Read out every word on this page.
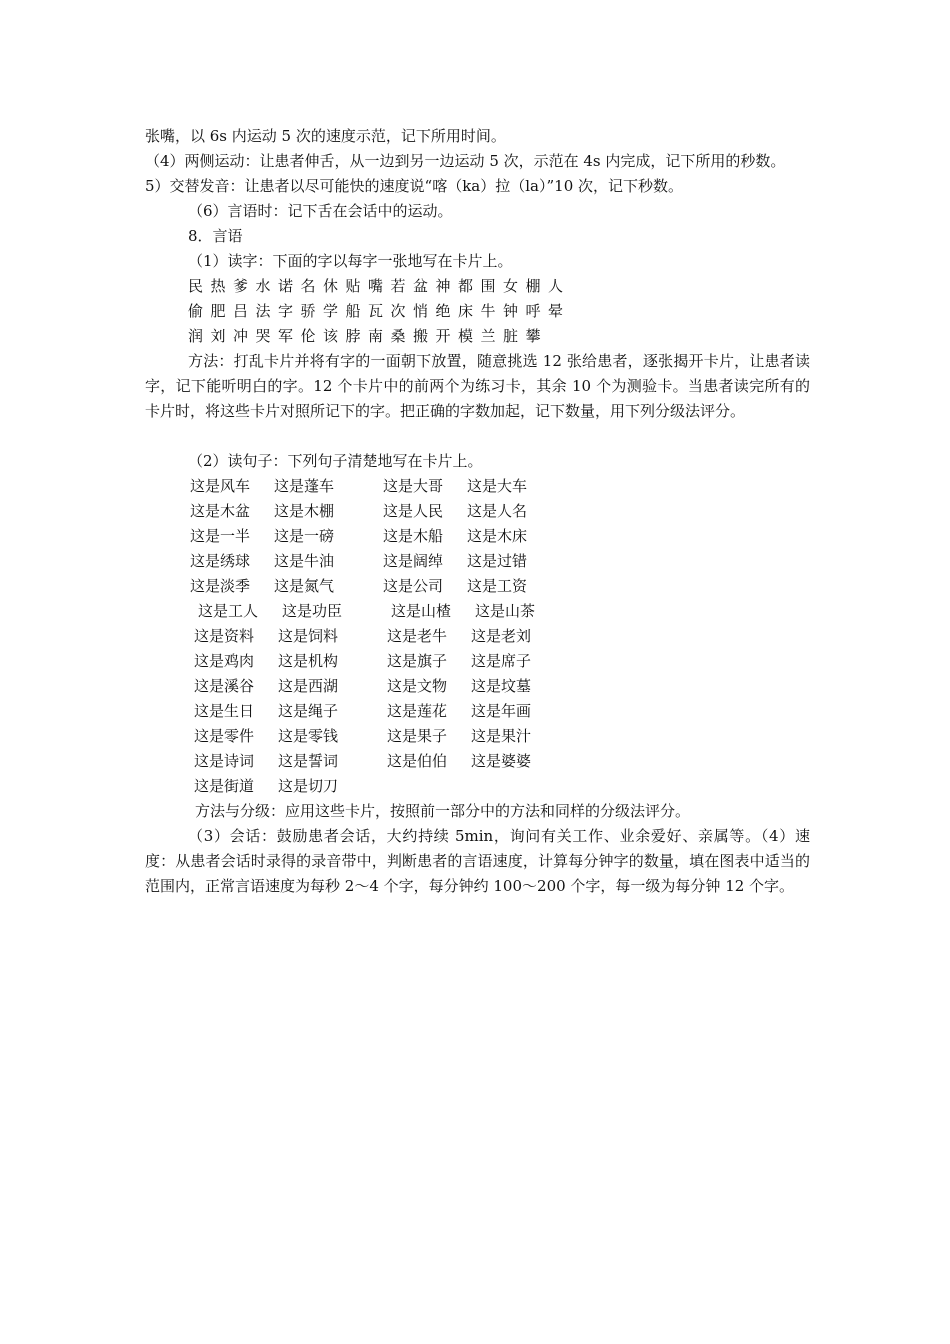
张嘴，以 6s 内运动 5 次的速度示范，记下所用时间。
（4）两侧运动：让患者伸舌，从一边到另一边运动 5 次，示范在 4s 内完成，记下所用的秒数。
5）交替发音：让患者以尽可能快的速度说“喀（ka）拉（la）”10 次，记下秒数。
（6）言语时：记下舌在会话中的运动。
8．言语
（1）读字：下面的字以每字一张地写在卡片上。
民热爹水诺名休贴嘴若盆神都围女棚人
偷肥吕法字骄学船瓦次悄绝床牛钟呼晕
润刘冲哭军伦该脖南桑搬开模兰脏攀
方法：打乱卡片并将有字的一面朝下放置，随意挑选 12 张给患者，逐张揭开卡片，让患者读字，记下能听明白的字。12 个卡片中的前两个为练习卡，其余 10 个为测验卡。当患者读完所有的卡片时，将这些卡片对照所记下的字。把正确的字数加起，记下数量，用下列分级法评分。
（2）读句子：下列句子清楚地写在卡片上。
这是风车 这是蓬车	这是大哥 这是大车
这是木盆 这是木棚	这是人民 这是人名
这是一半 这是一磅	这是木船 这是木床
这是绣球 这是牛油	这是阔绰 这是过错
这是淡季 这是氮气	这是公司 这是工资
这是工人 这是功臣	这是山楂 这是山茶
这是资料 这是饲料	这是老牛 这是老刘
这是鸡肉 这是机构	这是旗子 这是席子
这是溪谷 这是西湖	这是文物 这是坟墓
这是生日 这是绳子	这是莲花 这是年画
这是零件 这是零钱	这是果子 这是果汁
这是诗词 这是誓词	这是伯伯 这是婆婆
这是街道 这是切刀
方法与分级：应用这些卡片，按照前一部分中的方法和同样的分级法评分。
（3）会话：鼓励患者会话，大约持续 5min，询问有关工作、业余爱好、亲属等。（4）速度：从患者会话时录得的录音带中，判断患者的言语速度，计算每分钟字的数量，填在图表中适当的范围内，正常言语速度为每秒 2～4 个字，每分钟约 100～200 个字，每一级为每分钟 12 个字。
